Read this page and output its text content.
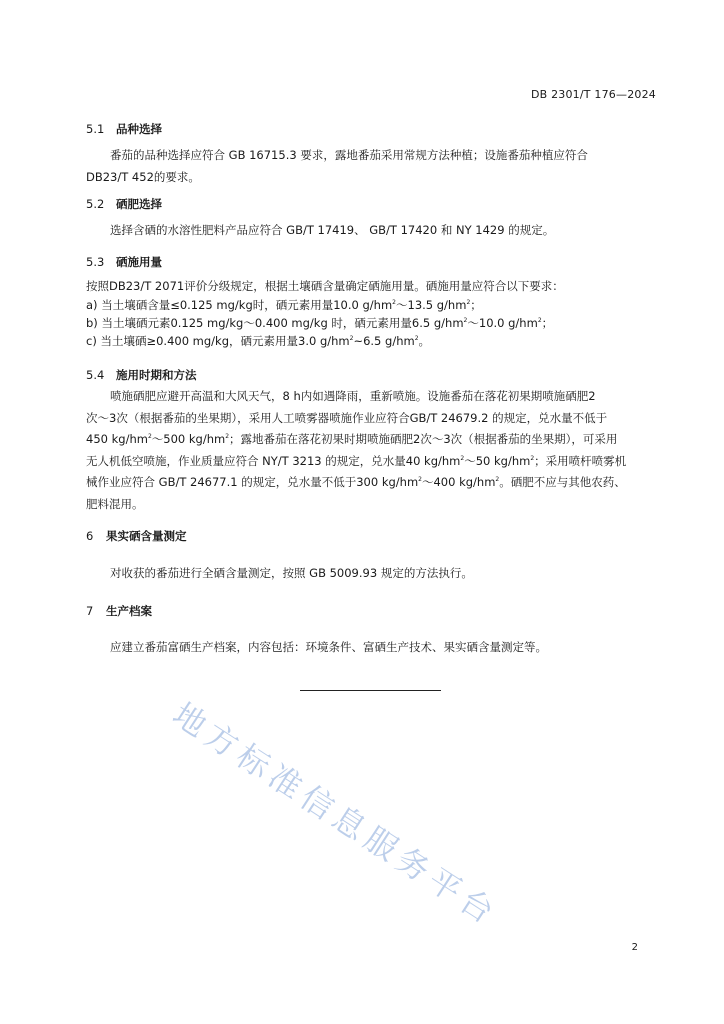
DB 2301/T 176—2024
5.1 品种选择
番茄的品种选择应符合 GB 16715.3 要求，露地番茄采用常规方法种植；设施番茄种植应符合
DB23/T 452的要求。
5.2 硒肥选择
选择含硒的水溶性肥料产品应符合 GB/T 17419、 GB/T 17420 和 NY 1429 的规定。
5.3 硒施用量
按照DB23/T 2071评价分级规定，根据土壤硒含量确定硒施用量。硒施用量应符合以下要求：
a) 当土壤硒含量≤0.125 mg/kg时，硒元素用量10.0 $g/hm^2\sim 13.5$ $g/hm^2$；
b) 当土壤硒元素0.125 mg/kg～0.400 mg/kg 时，硒元素用量6.5 $g/hm^2\sim 10.0$ $g/hm^2$；
c) 当土壤硒≥0.400 mg/kg，硒元素用量3.0 $g/hm^2\sim 6.5$ $g/hm^2$。
5.4 施用时期和方法
喷施硒肥应避开高温和大风天气，8 h内如遇降雨，重新喷施。设施番茄在落花初果期喷施硒肥2
次～3次（根据番茄的坐果期），采用人工喷雾器喷施作业应符合GB/T 24679.2 的规定，兑水量不低于
450 $kg/hm^2\sim 500$ $kg/hm^2$；露地番茄在落花初果时期喷施硒肥2次～3次（根据番茄的坐果期），可采用
无人机低空喷施，作业质量应符合 NY/T 3213 的规定，兑水量40 $kg/hm^2\sim 50$ $kg/hm^2$；采用喷杆喷雾机
械作业应符合 GB/T 24677.1 的规定，兑水量不低于300 $kg/hm^2\sim 400$ $kg/hm^2$。硒肥不应与其他农药、
肥料混用。
6 果实硒含量测定
对收获的番茄进行全硒含量测定，按照 GB 5009.93 规定的方法执行。
7 生产档案
应建立番茄富硒生产档案，内容包括：环境条件、富硒生产技术、果实硒含量测定等。
地方标准信息服务平台
2
